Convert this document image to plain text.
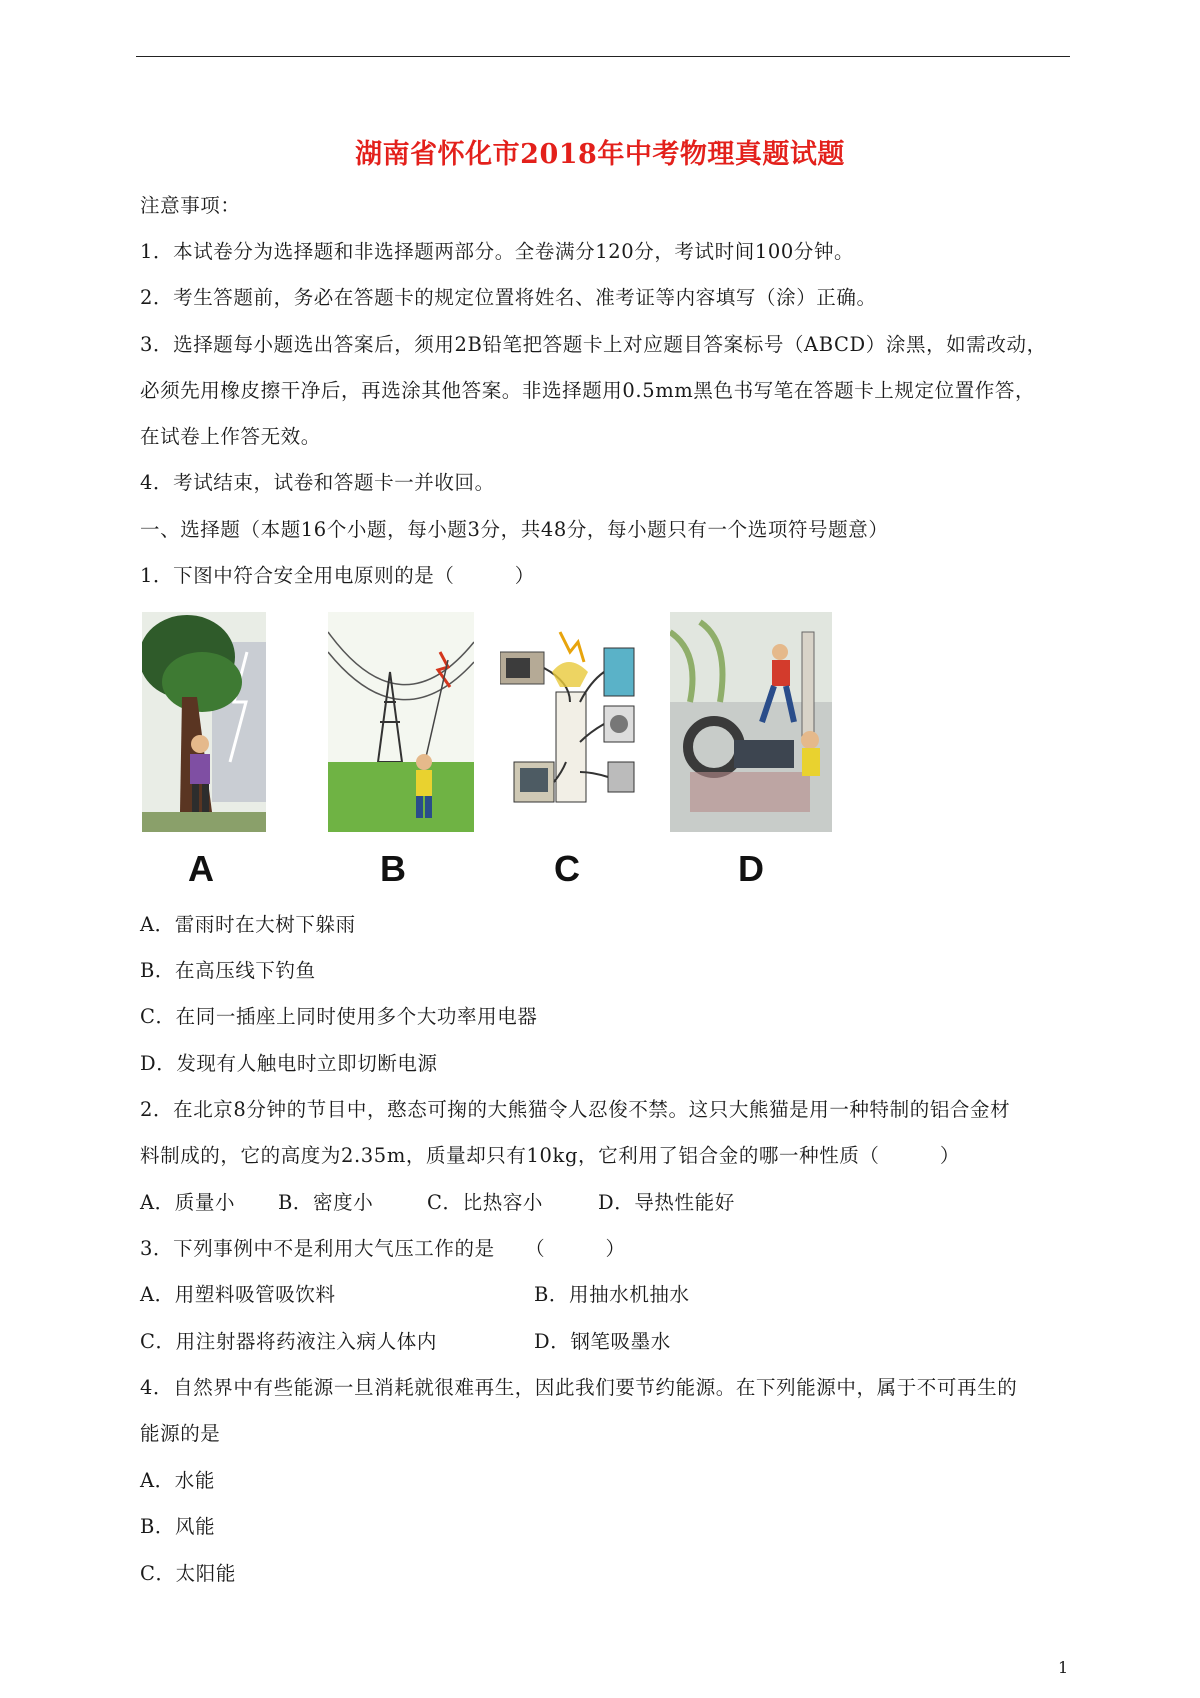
湖南省怀化市2018年中考物理真题试题
注意事项：
1．本试卷分为选择题和非选择题两部分。全卷满分120分，考试时间100分钟。
2．考生答题前，务必在答题卡的规定位置将姓名、准考证等内容填写（涂）正确。
3．选择题每小题选出答案后，须用2B铅笔把答题卡上对应题目答案标号（ABCD）涂黑，如需改动，
必须先用橡皮擦干净后，再选涂其他答案。非选择题用0.5mm黑色书写笔在答题卡上规定位置作答，
在试卷上作答无效。
4．考试结束，试卷和答题卡一并收回。
一、选择题（本题16个小题，每小题3分，共48分，每小题只有一个选项符号题意）
1．下图中符合安全用电原则的是（　　　）
A	B	C	D
A．雷雨时在大树下躲雨
B．在高压线下钓鱼
C．在同一插座上同时使用多个大功率用电器
D．发现有人触电时立即切断电源
2．在北京8分钟的节目中，憨态可掬的大熊猫令人忍俊不禁。这只大熊猫是用一种特制的铝合金材
料制成的，它的高度为2.35m，质量却只有10kg，它利用了铝合金的哪一种性质（　　　）
A．质量小 B．密度小	C．比热容小	D．导热性能好
3．下列事例中不是利用大气压工作的是　　（　　　）
A．用塑料吸管吸饮料	B．用抽水机抽水
C．用注射器将药液注入病人体内	D．钢笔吸墨水
4．自然界中有些能源一旦消耗就很难再生，因此我们要节约能源。在下列能源中，属于不可再生的
能源的是
A．水能
B．风能
C．太阳能
1
